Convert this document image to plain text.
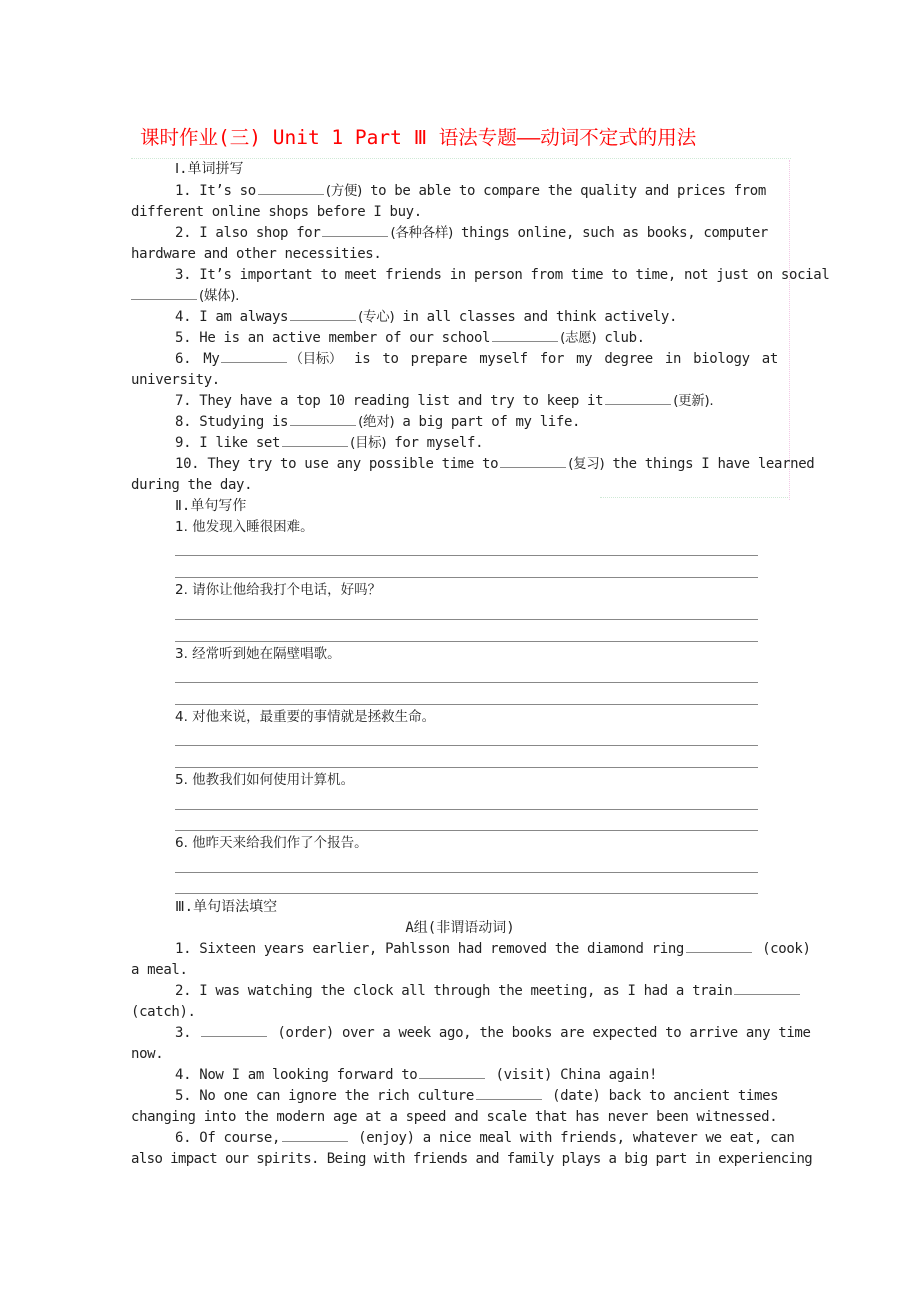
课时作业(三) Unit 1 Part Ⅲ 语法专题——动词不定式的用法
Ⅰ.单词拼写
1. It’s so	(方便) to be able to compare the quality and prices from
different online shops before I buy.
2. I also shop for	(各种各样) things online, such as books, computer
hardware and other necessities.
3. It’s important to meet friends in person from time to time, not just on social
(媒体).
4. I am always	(专心) in all classes and think actively.
5. He is an active member of our school	(志愿) club.
6. My	（目标） is to prepare myself for my degree in biology at
university.
7. They have a top 10 reading list and try to keep it	(更新).
8. Studying is	(绝对) a big part of my life.
9. I like set	(目标) for myself.
10. They try to use any possible time to	(复习) the things I have learned
during the day.
Ⅱ.单句写作
1. 他发现入睡很困难。
2. 请你让他给我打个电话，好吗？
3. 经常听到她在隔壁唱歌。
4. 对他来说，最重要的事情就是拯救生命。
5. 他教我们如何使用计算机。
6. 他昨天来给我们作了个报告。
Ⅲ.单句语法填空
A组(非谓语动词)
1. Sixteen years earlier, Pahlsson had removed the diamond ring	(cook)
a meal.
2. I was watching the clock all through the meeting, as I had a train
(catch).
3.	(order) over a week ago, the books are expected to arrive any time
now.
4. Now I am looking forward to	(visit) China again!
5. No one can ignore the rich culture	(date) back to ancient times
changing into the modern age at a speed and scale that has never been witnessed.
6. Of course,	(enjoy) a nice meal with friends, whatever we eat, can
also impact our spirits. Being with friends and family plays a big part in experiencing
